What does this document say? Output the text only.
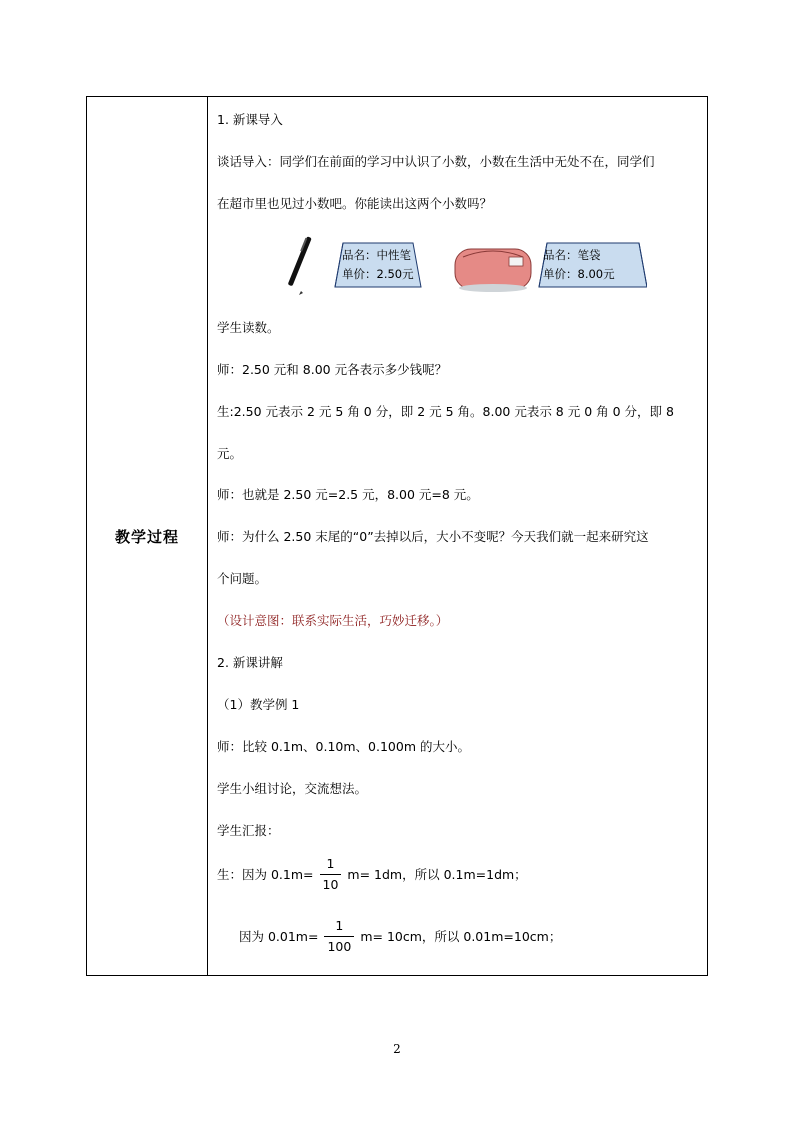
教学过程
1. 新课导入
谈话导入：同学们在前面的学习中认识了小数，小数在生活中无处不在，同学们
在超市里也见过小数吧。你能读出这两个小数吗？
品名：中性笔
单价：2.50元
品名：笔袋
单价：8.00元
学生读数。
师：2.50 元和 8.00 元各表示多少钱呢？
生:2.50 元表示 2 元 5 角 0 分，即 2 元 5 角。8.00 元表示 8 元 0 角 0 分，即 8
元。
师：也就是 2.50 元=2.5 元，8.00 元=8 元。
师：为什么 2.50 末尾的“0”去掉以后，大小不变呢？今天我们就一起来研究这
个问题。
（设计意图：联系实际生活，巧妙迁移。）
2. 新课讲解
（1）教学例 1
师：比较 0.1m、0.10m、0.100m 的大小。
学生小组讨论，交流想法。
学生汇报：
生：因为 $0.1m= \frac{1}{10} m= 1dm$，所以 0.1m=1dm；
因为 $0.01m= \frac{1}{100} m= 10cm$，所以 0.01m=10cm；
2
